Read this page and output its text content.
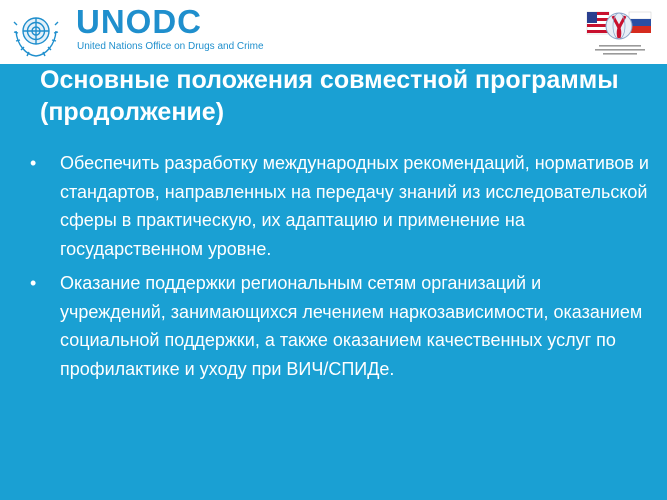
UNODC
United Nations Office on Drugs and Crime
Основные положения совместной программы (продолжение)
• Обеспечить разработку международных рекомендаций, нормативов и стандартов, направленных на передачу знаний из исследовательской сферы в практическую, их адаптацию и применение на государственном уровне.
• Оказание поддержки региональным сетям организаций и учреждений, занимающихся лечением наркозависимости, оказанием социальной поддержки, а также оказанием качественных услуг по профилактике и уходу при ВИЧ/СПИДе.
